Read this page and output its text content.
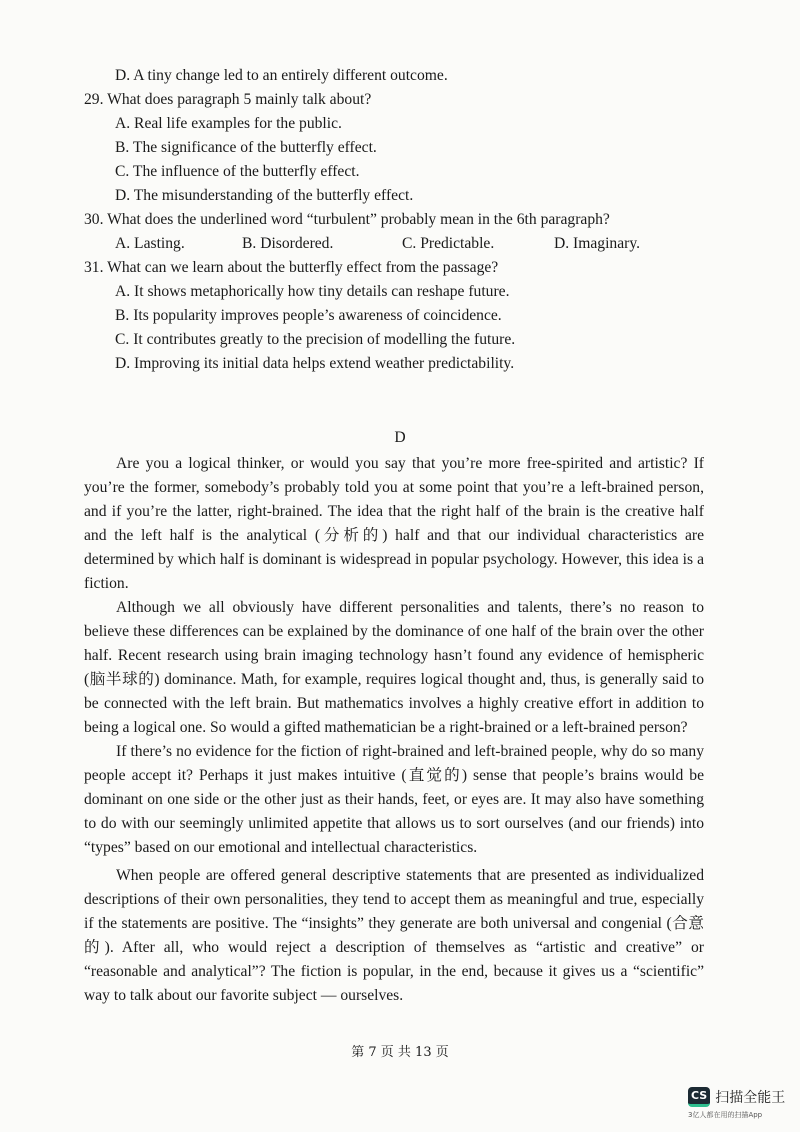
D. A tiny change led to an entirely different outcome.
29. What does paragraph 5 mainly talk about?
A. Real life examples for the public.
B. The significance of the butterfly effect.
C. The influence of the butterfly effect.
D. The misunderstanding of the butterfly effect.
30. What does the underlined word “turbulent” probably mean in the 6th paragraph?
A. Lasting.	B. Disordered.	C. Predictable.	D. Imaginary.
31. What can we learn about the butterfly effect from the passage?
A. It shows metaphorically how tiny details can reshape future.
B. Its popularity improves people’s awareness of coincidence.
C. It contributes greatly to the precision of modelling the future.
D. Improving its initial data helps extend weather predictability.
D

Are you a logical thinker, or would you say that you’re more free-spirited and artistic? If you’re the former, somebody’s probably told you at some point that you’re a left-brained person, and if you’re the latter, right-brained. The idea that the right half of the brain is the creative half and the left half is the analytical (分析的) half and that our individual characteristics are determined by which half is dominant is widespread in popular psychology. However, this idea is a fiction.

Although we all obviously have different personalities and talents, there’s no reason to believe these differences can be explained by the dominance of one half of the brain over the other half. Recent research using brain imaging technology hasn’t found any evidence of hemispheric (脑半球的) dominance. Math, for example, requires logical thought and, thus, is generally said to be connected with the left brain. But mathematics involves a highly creative effort in addition to being a logical one. So would a gifted mathematician be a right-brained or a left-brained person?

If there’s no evidence for the fiction of right-brained and left-brained people, why do so many people accept it? Perhaps it just makes intuitive (直觉的) sense that people’s brains would be dominant on one side or the other just as their hands, feet, or eyes are. It may also have something to do with our seemingly unlimited appetite that allows us to sort ourselves (and our friends) into “types” based on our emotional and intellectual characteristics.

When people are offered general descriptive statements that are presented as individualized descriptions of their own personalities, they tend to accept them as meaningful and true, especially if the statements are positive. The “insights” they generate are both universal and congenial (合意的). After all, who would reject a description of themselves as “artistic and creative” or “reasonable and analytical”? The fiction is popular, in the end, because it gives us a “scientific” way to talk about our favorite subject — ourselves.

第 7 页 共 13 页
CS 扫描全能王
3亿人都在用的扫描App
